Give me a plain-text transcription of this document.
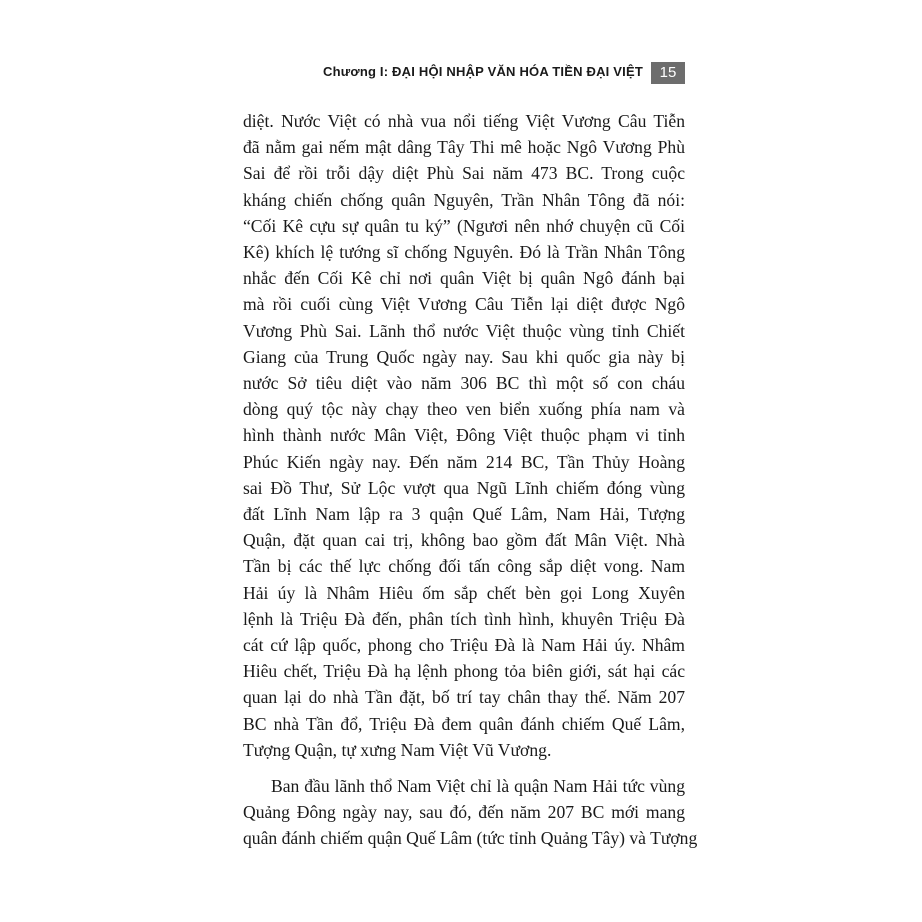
Chương I: ĐẠI HỘI NHẬP VĂN HÓA TIỀN ĐẠI VIỆT	15
diệt. Nước Việt có nhà vua nổi tiếng Việt Vương Câu Tiễn
đã nằm gai nếm mật dâng Tây Thi mê hoặc Ngô Vương Phù
Sai để rồi trỗi dậy diệt Phù Sai năm 473 BC. Trong cuộc
kháng chiến chống quân Nguyên, Trần Nhân Tông đã nói:
“Cối Kê cựu sự quân tu ký” (Ngươi nên nhớ chuyện cũ Cối
Kê) khích lệ tướng sĩ chống Nguyên. Đó là Trần Nhân Tông
nhắc đến Cối Kê chỉ nơi quân Việt bị quân Ngô đánh bại
mà rồi cuối cùng Việt Vương Câu Tiễn lại diệt được Ngô
Vương Phù Sai. Lãnh thổ nước Việt thuộc vùng tỉnh Chiết
Giang của Trung Quốc ngày nay. Sau khi quốc gia này bị
nước Sở tiêu diệt vào năm 306 BC thì một số con cháu
dòng quý tộc này chạy theo ven biển xuống phía nam và
hình thành nước Mân Việt, Đông Việt thuộc phạm vi tỉnh
Phúc Kiến ngày nay. Đến năm 214 BC, Tần Thủy Hoàng
sai Đồ Thư, Sử Lộc vượt qua Ngũ Lĩnh chiếm đóng vùng
đất Lĩnh Nam lập ra 3 quận Quế Lâm, Nam Hải, Tượng
Quận, đặt quan cai trị, không bao gồm đất Mân Việt. Nhà
Tần bị các thế lực chống đối tấn công sắp diệt vong. Nam
Hải úy là Nhâm Hiêu ốm sắp chết bèn gọi Long Xuyên
lệnh là Triệu Đà đến, phân tích tình hình, khuyên Triệu Đà
cát cứ lập quốc, phong cho Triệu Đà là Nam Hải úy. Nhâm
Hiêu chết, Triệu Đà hạ lệnh phong tỏa biên giới, sát hại các
quan lại do nhà Tần đặt, bố trí tay chân thay thế. Năm 207
BC nhà Tần đổ, Triệu Đà đem quân đánh chiếm Quế Lâm,
Tượng Quận, tự xưng Nam Việt Vũ Vương.
Ban đầu lãnh thổ Nam Việt chỉ là quận Nam Hải tức vùng
Quảng Đông ngày nay, sau đó, đến năm 207 BC mới mang
quân đánh chiếm quận Quế Lâm (tức tỉnh Quảng Tây) và Tượng
